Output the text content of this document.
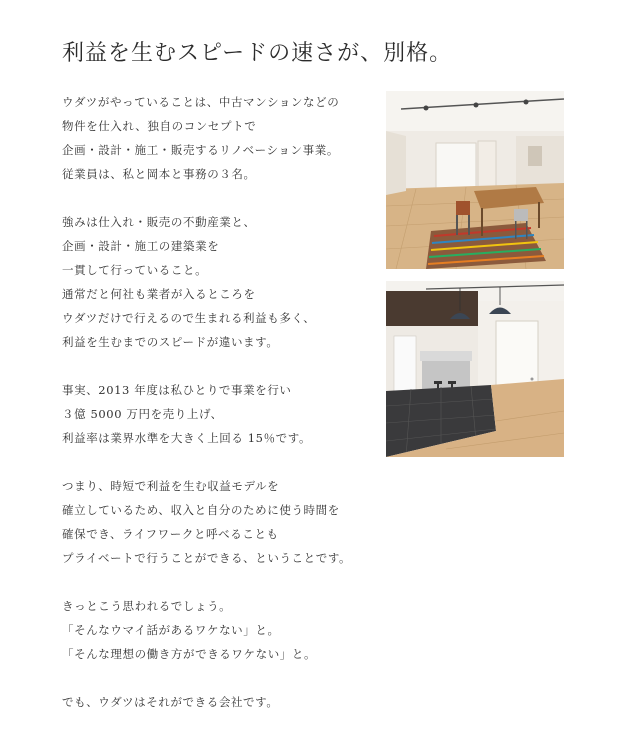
利益を生むスピードの速さが、別格。

ウダツがやっていることは、中古マンションなどの
物件を仕入れ、独自のコンセプトで
企画・設計・施工・販売するリノベーション事業。
従業員は、私と岡本と事務の３名。

強みは仕入れ・販売の不動産業と、
企画・設計・施工の建築業を
一貫して行っていること。
通常だと何社も業者が入るところを
ウダツだけで行えるので生まれる利益も多く、
利益を生むまでのスピードが違います。

事実、2013 年度は私ひとりで事業を行い
３億 5000 万円を売り上げ、
利益率は業界水準を大きく上回る 15％です。

つまり、時短で利益を生む収益モデルを
確立しているため、収入と自分のために使う時間を
確保でき、ライフワークと呼べることも
プライベートで行うことができる、ということです。

きっとこう思われるでしょう。
「そんなウマイ話があるワケない」と。
「そんな理想の働き方ができるワケない」と。

でも、ウダツはそれができる会社です。
